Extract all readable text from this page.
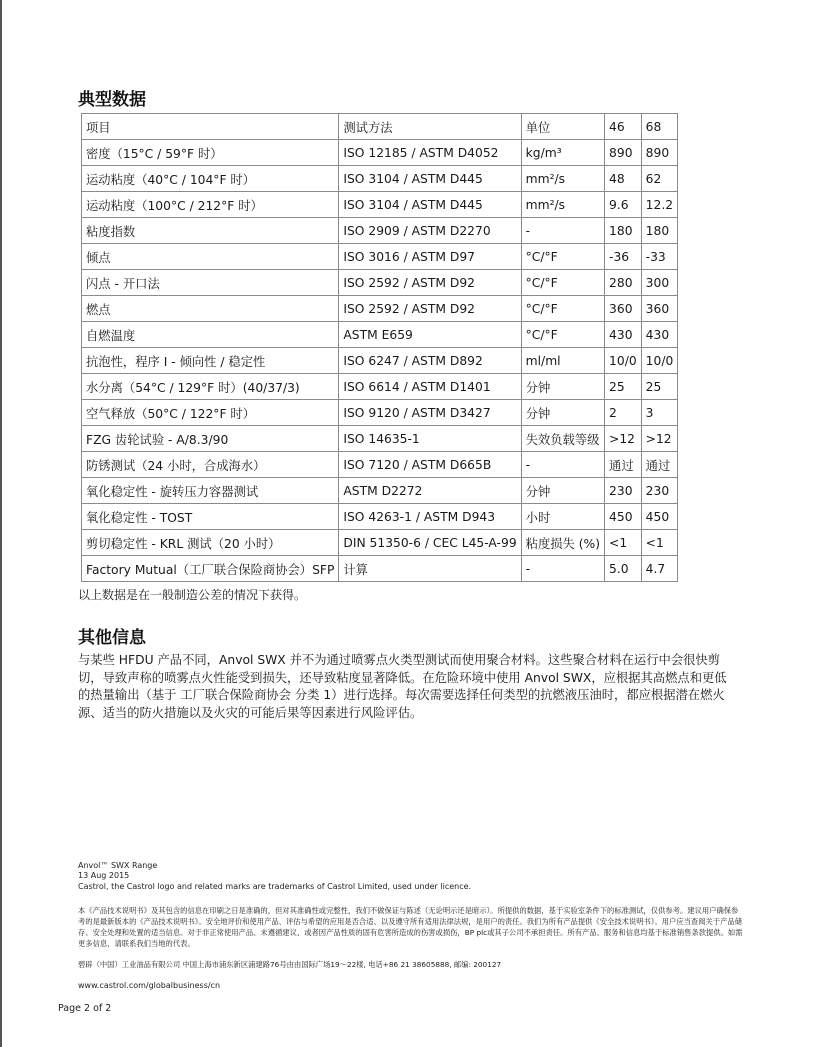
典型数据
项目	测试方法	单位	46	68
密度（15°C / 59°F 时）	ISO 12185 / ASTM D4052	kg/m³	890	890
运动粘度（40°C / 104°F 时）	ISO 3104 / ASTM D445	mm²/s	48	62
运动粘度（100°C / 212°F 时）	ISO 3104 / ASTM D445	mm²/s	9.6	12.2
粘度指数	ISO 2909 / ASTM D2270	-	180	180
倾点	ISO 3016 / ASTM D97	°C/°F	-36	-33
闪点 - 开口法	ISO 2592 / ASTM D92	°C/°F	280	300
燃点	ISO 2592 / ASTM D92	°C/°F	360	360
自燃温度	ASTM E659	°C/°F	430	430
抗泡性，程序 I - 倾向性 / 稳定性	ISO 6247 / ASTM D892	ml/ml	10/0	10/0
水分离（54°C / 129°F 时）(40/37/3)	ISO 6614 / ASTM D1401	分钟	25	25
空气释放（50°C / 122°F 时）	ISO 9120 / ASTM D3427	分钟	2	3
FZG 齿轮试验 - A/8.3/90	ISO 14635-1	失效负载等级	>12	>12
防锈测试（24 小时，合成海水）	ISO 7120 / ASTM D665B	-	通过	通过
氧化稳定性 - 旋转压力容器测试	ASTM D2272	分钟	230	230
氧化稳定性 - TOST	ISO 4263-1 / ASTM D943	小时	450	450
剪切稳定性 - KRL 测试（20 小时）	DIN 51350-6 / CEC L45-A-99	粘度损失 (%)	<1	<1
Factory Mutual（工厂联合保险商协会）SFP	计算	-	5.0	4.7
以上数据是在一般制造公差的情况下获得。
其他信息

与某些 HFDU 产品不同，Anvol SWX 并不为通过喷雾点火类型测试而使用聚合材料。这些聚合材料在运行中会很快剪切，导致声称的喷雾点火性能受到损失，还导致粘度显著降低。在危险环境中使用 Anvol SWX，应根据其高燃点和更低的热量输出（基于 工厂联合保险商协会 分类 1）进行选择。每次需要选择任何类型的抗燃液压油时，都应根据潜在燃火源、适当的防火措施以及火灾的可能后果等因素进行风险评估。

Anvol™ SWX Range
13 Aug 2015
Castrol, the Castrol logo and related marks are trademarks of Castrol Limited, used under licence.
本《产品技术说明书》及其包含的信息在印刷之日是准确的，但对其准确性或完整性，我们不做保证与陈述（无论明示还是暗示）。所提供的数据，基于实验室条件下的标准测试，仅供参考。建议用户确保参考的是最新版本的《产品技术说明书》。安全地评价和使用产品、评估与希望的应用是否合适、以及遵守所有适用法律法规，是用户的责任。我们为所有产品提供《安全技术说明书》。用户应当查阅关于产品储存、安全处理和处置的适当信息。对于非正常使用产品、未遵循建议、或者因产品性质的固有危害所造成的伤害或损伤，BP plc或其子公司不承担责任。所有产品、服务和信息均基于标准销售条款提供。如需更多信息，请联系我们当地的代表。
碧辟（中国）工业油品有限公司 中国上海市浦东新区浦建路76号由由国际广场19～22楼, 电话+86 21 38605888, 邮编: 200127
www.castrol.com/globalbusiness/cn
Page 2 of 2
